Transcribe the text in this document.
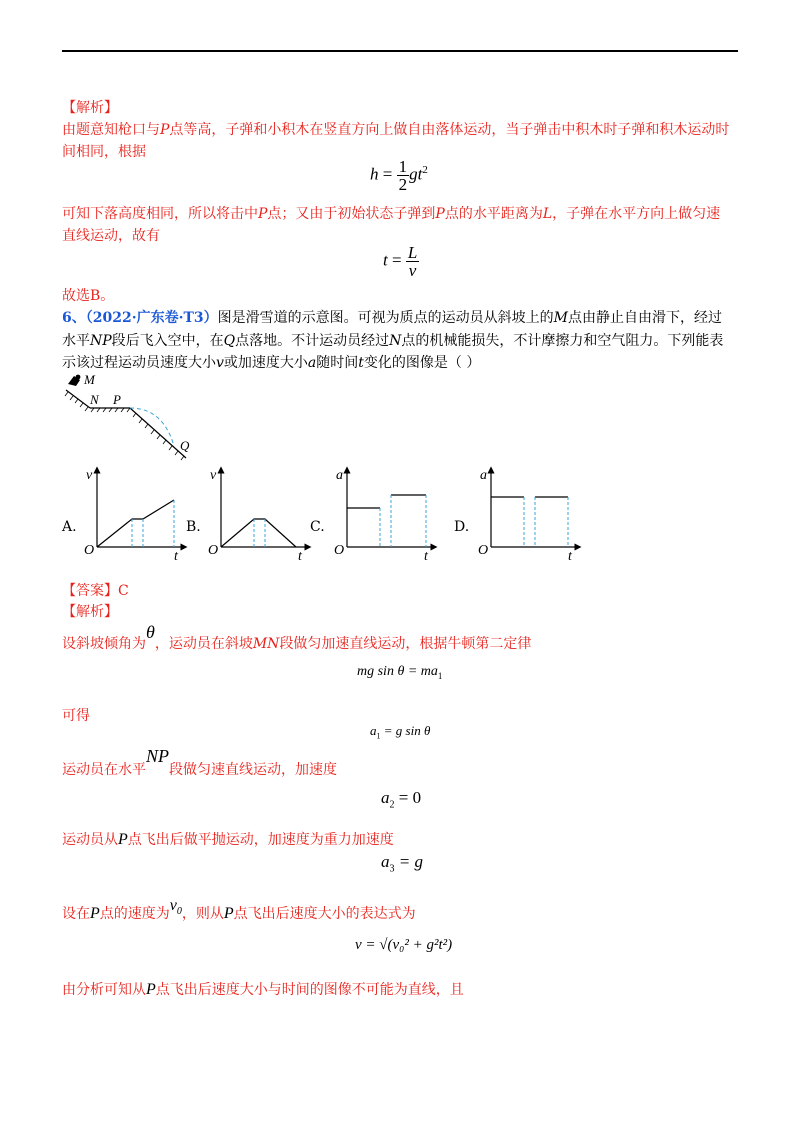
【解析】
由题意知枪口与P点等高，子弹和小积木在竖直方向上做自由落体运动，当子弹击中积木时子弹和积木运动时
间相同，根据
$h = \frac{1}{2} gt^2$
可知下落高度相同，所以将击中P点；又由于初始状态子弹到P点的水平距离为L，子弹在水平方向上做匀速
直线运动，故有
$t = \frac{L}{v}$
故选B。
6、（2022·广东卷·T3）图是滑雪道的示意图。可视为质点的运动员从斜坡上的M点由静止自由滑下，经过
水平NP段后飞入空中，在Q点落地。不计运动员经过N点的机械能损失，不计摩擦力和空气阻力。下列能表
示该过程运动员速度大小v或加速度大小a随时间t变化的图像是（ ）
M
N P
Q
A.
v
t
O
B.
v
t
O
C.
a
t
O
D.
a
t
O
【答案】C
【解析】
设斜坡倾角为θ，运动员在斜坡MN段做匀加速直线运动，根据牛顿第二定律
mg $\sin \theta = ma_1$
可得
$a_1 = g$ sin θ
运动员在水平NP段做匀速直线运动，加速度
$a_2 = 0$
运动员从P点飞出后做平抛运动，加速度为重力加速度
$a_3 = g$
设在P点的速度为$v_0$，则从P点飞出后速度大小的表达式为
v = √(v₀² + g²t²)
由分析可知从P点飞出后速度大小与时间的图像不可能为直线，且
